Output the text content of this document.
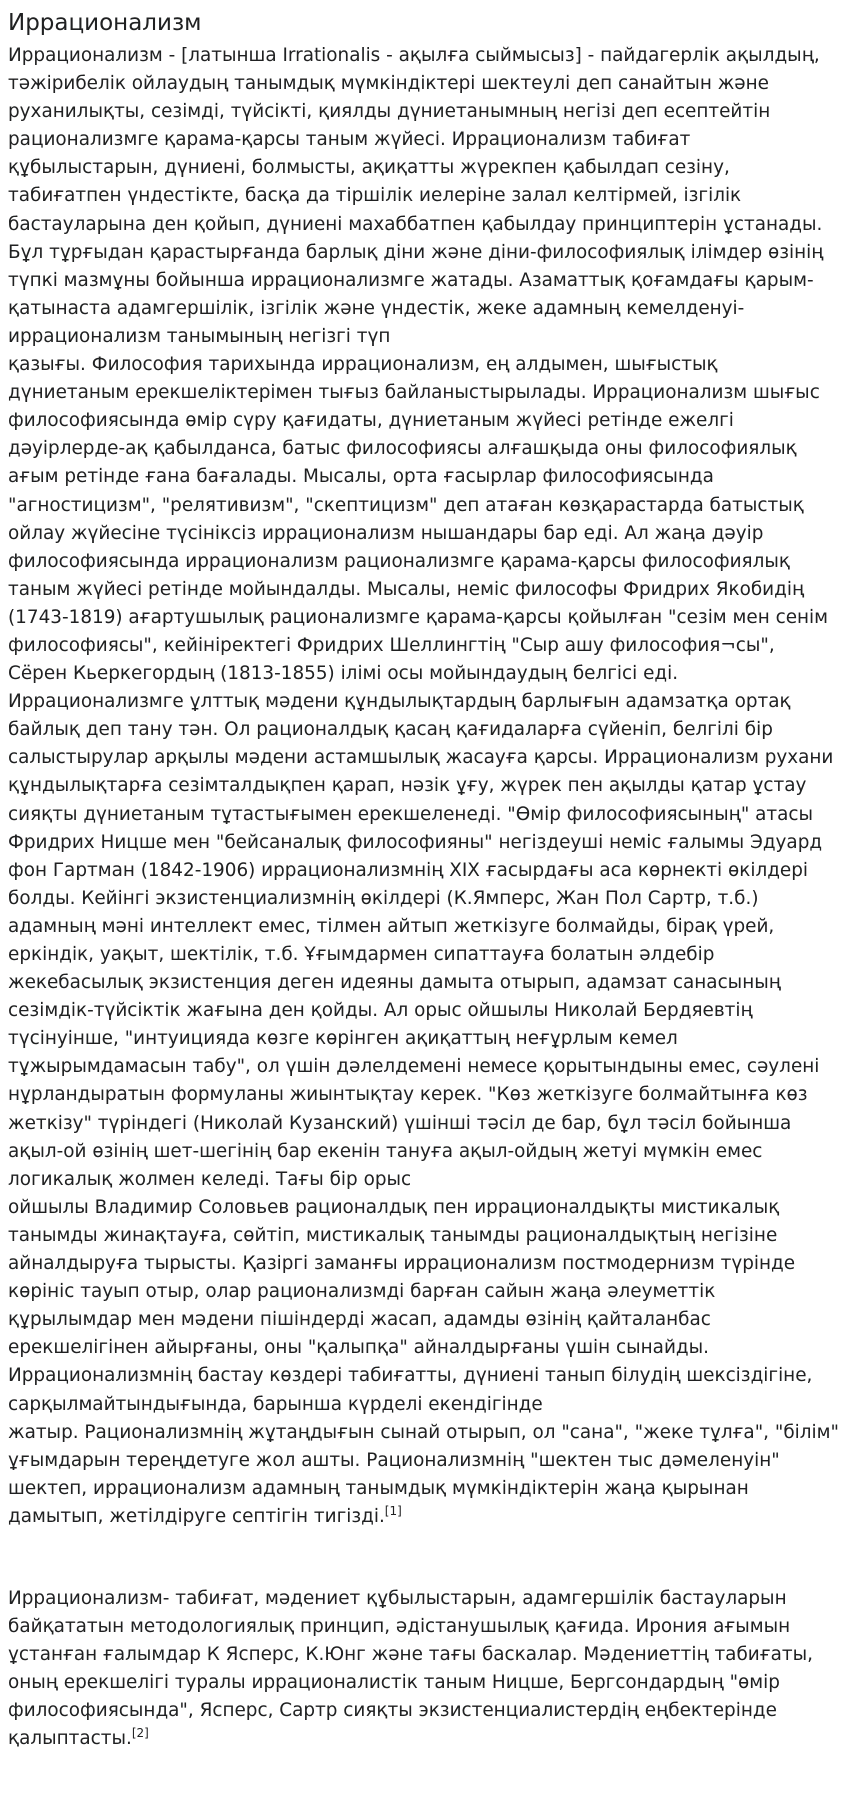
Иррационализм

Иррационализм - [латынша Irrationalis - ақылға сыймысыз] - пайдагерлік ақылдың, тәжірибелік ойлаудың танымдық мүмкіндіктері шектеулі деп санайтын және руханилықты, сезімді, түйсікті, қиялды дүниетанымның негізі деп есептейтін рационализмге қарама-қарсы таным жүйесі. Иррационализм табиғат құбылыстарын, дүниені, болмысты, ақиқатты жүрекпен қабылдап сезіну, табиғатпен үндестікте, басқа да тіршілік иелеріне залал келтірмей, ізгілік бастауларына ден қойып, дүниені махаббатпен қабылдау принциптерін ұстанады. Бұл тұрғыдан қарастырғанда барлық діни және діни-философиялық ілімдер өзінің түпкі мазмұны бойынша иррационализмге жатады. Азаматтық қоғамдағы қарым-қатынаста адамгершілік, ізгілік және үндестік, жеке адамның кемелденуі-иррационализм танымының негізгі түп
қазығы. Философия тарихында иррационализм, ең алдымен, шығыстық дүниетаным ерекшеліктерімен тығыз байланыстырылады. Иррационализм шығыс философиясында өмір сүру қағидаты, дүниетаным жүйесі ретінде ежелгі дәуірлерде-ақ қабылданса, батыс философиясы алғашқыда оны философиялық ағым ретінде ғана бағалады. Мысалы, орта ғасырлар философиясында "агностицизм", "релятивизм", "скептицизм" деп атаған көзқарастарда батыстық ойлау жүйесіне түсініксіз иррационализм нышандары бар еді. Ал жаңа дәуір философиясында иррационализм рационализмге қарама-қарсы философиялық таным жүйесі ретінде мойындалды. Мысалы, неміс философы Фридрих Якобидің (1743-1819) ағартушылық рационализмге қарама-қарсы қойылған "сезім мен сенім философиясы", кейініректегі Фридрих Шеллингтің "Сыр ашу философия¬сы", Сёрен Кьеркегордың (1813-1855) ілімі осы мойындаудың белгісі еді. Иррационализмге ұлттық мәдени құндылықтардың барлығын адамзатқа ортақ байлық деп тану тән. Ол рационалдық қасаң қағидаларға сүйеніп, белгілі бір салыстырулар арқылы мәдени астамшылық жасауға қарсы. Иррационализм рухани құндылықтарға сезімталдықпен қарап, нәзік ұғу, жүрек пен ақылды қатар ұстау сияқты дүниетаным тұтастығымен ерекшеленеді. "Өмір философиясының" атасы Фридрих Ницше мен "бейсаналық философияны" негіздеуші неміс ғалымы Эдуард фон Гартман (1842-1906) иррационализмнің XIX ғасырдағы аса көрнекті өкілдері болды. Кейінгі экзистенциализмнің өкілдері (К.Ямперс, Жан Пол Сартр, т.б.) адамның мәні интеллект емес, тілмен айтып жеткізуге болмайды, бірақ үрей, еркіндік, уақыт, шектілік, т.б. Ұғымдармен сипаттауға болатын әлдебір жекебасылық экзистенция деген идеяны дамыта отырып, адамзат санасының сезімдік-түйсіктік жағына ден қойды. Ал орыс ойшылы Николай Бердяевтің түсінуінше, "интуицияда көзге көрінген ақиқаттың неғұрлым кемел тұжырымдамасын табу", ол үшін дәлелдемені немесе қорытындыны емес, сәулені нұрландыратын формуланы жиынтықтау керек. "Көз жеткізуге болмайтынға көз жеткізу" түріндегі (Николай Кузанский) үшінші тәсіл де бар, бұл тәсіл бойынша ақыл-ой өзінің шет-шегінің бар екенін тануға ақыл-ойдың жетуі мүмкін емес логикалық жолмен келеді. Тағы бір орыс
ойшылы Владимир Соловьев рационалдық пен иррационалдықты мистикалық танымды жинақтауға, сөйтіп, мистикалық танымды рационалдықтың негізіне айналдыруға тырысты. Қазіргі заманғы иррационализм постмодернизм түрінде көрініс тауып отыр, олар рационализмді барған сайын жаңа әлеуметтік құрылымдар мен мәдени пішіндерді жасап, адамды өзінің қайталанбас ерекшелігінен айырғаны, оны "қалыпқа" айналдырғаны үшін сынайды. Иррационализмнің бастау көздері табиғатты, дүниені танып білудің шексіздігіне, сарқылмайтындығында, барынша күрделі екендігінде
жатыр. Рационализмнің жұтаңдығын сынай отырып, ол "сана", "жеке тұлға", "білім" ұғымдарын тереңдетуге жол ашты. Рационализмнің "шектен тыс дәмеленуін" шектеп, иррационализм адамның танымдық мүмкіндіктерін жаңа қырынан дамытып, жетілдіруге септігін тигізді.[1]

Иррационализм- табиғат, мәдениет құбылыстарын, адамгершілік бастауларын байқататын методологиялық принцип, әдістанушылық қағида. Ирония ағымын ұстанған ғалымдар К Ясперс, К.Юнг және тағы баскалар. Мәдениеттің табиғаты, оның ерекшелігі туралы иррационалистік таным Ницше, Бергсондардың "өмір философиясында", Ясперс, Сартр сияқты экзистенциалистердің еңбектерінде қалыптасты.[2]
